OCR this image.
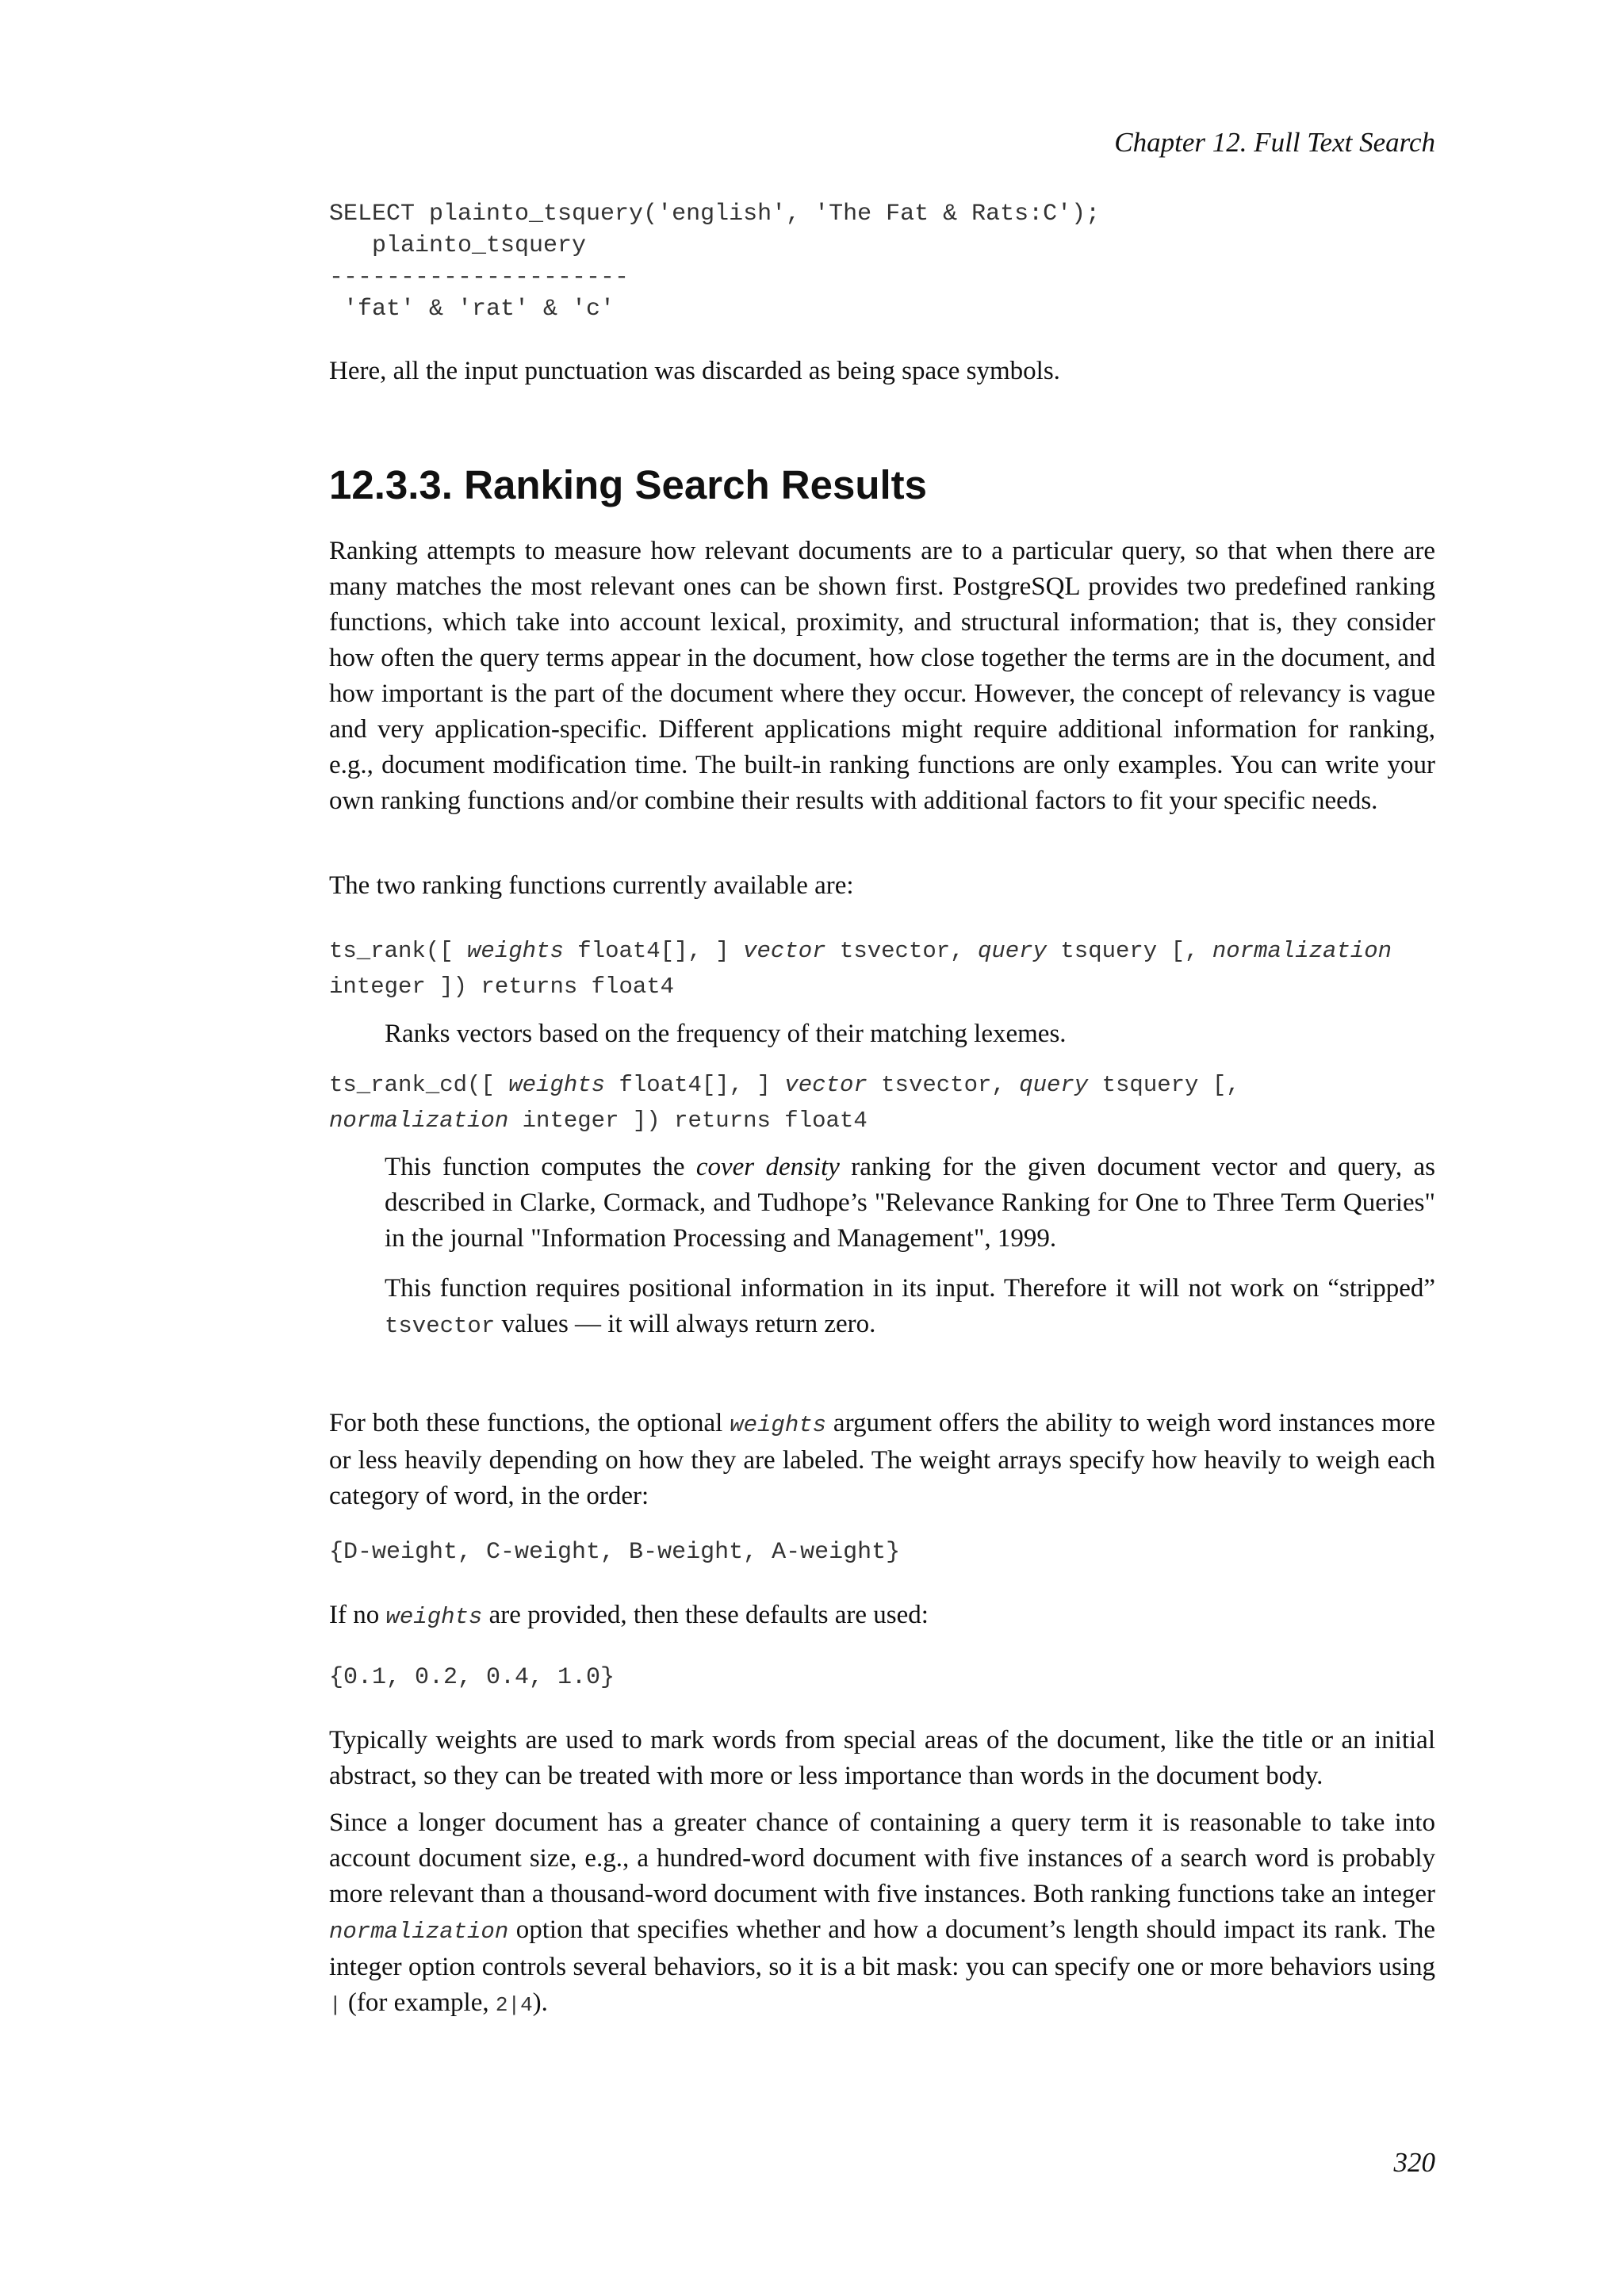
Chapter 12. Full Text Search
SELECT plainto_tsquery('english', 'The Fat & Rats:C');
plainto_tsquery
---------------------
'fat' & 'rat' & 'c'

Here, all the input punctuation was discarded as being space symbols.

12.3.3. Ranking Search Results

Ranking attempts to measure how relevant documents are to a particular query, so that when there are many matches the most relevant ones can be shown first. PostgreSQL provides two predefined ranking functions, which take into account lexical, proximity, and structural information; that is, they consider how often the query terms appear in the document, how close together the terms are in the document, and how important is the part of the document where they occur. However, the concept of relevancy is vague and very application-specific. Different applications might require additional information for ranking, e.g., document modification time. The built-in ranking functions are only examples. You can write your own ranking functions and/or combine their results with additional factors to fit your specific needs.

The two ranking functions currently available are:

ts_rank([ weights float4[], ] vector tsvector, query tsquery [, normalization integer ]) returns float4

Ranks vectors based on the frequency of their matching lexemes.

ts_rank_cd([ weights float4[], ] vector tsvector, query tsquery [,
normalization integer ]) returns float4

This function computes the cover density ranking for the given document vector and query, as described in Clarke, Cormack, and Tudhope’s "Relevance Ranking for One to Three Term Queries" in the journal "Information Processing and Management", 1999.

This function requires positional information in its input. Therefore it will not work on “stripped” tsvector values — it will always return zero.

For both these functions, the optional weights argument offers the ability to weigh word instances more or less heavily depending on how they are labeled. The weight arrays specify how heavily to weigh each category of word, in the order:

{D-weight, C-weight, B-weight, A-weight}

If no weights are provided, then these defaults are used:

{0.1, 0.2, 0.4, 1.0}

Typically weights are used to mark words from special areas of the document, like the title or an initial abstract, so they can be treated with more or less importance than words in the document body.

Since a longer document has a greater chance of containing a query term it is reasonable to take into account document size, e.g., a hundred-word document with five instances of a search word is probably more relevant than a thousand-word document with five instances. Both ranking functions take an integer normalization option that specifies whether and how a document’s length should impact its rank. The integer option controls several behaviors, so it is a bit mask: you can specify one or more behaviors using | (for example, 2|4).

320
